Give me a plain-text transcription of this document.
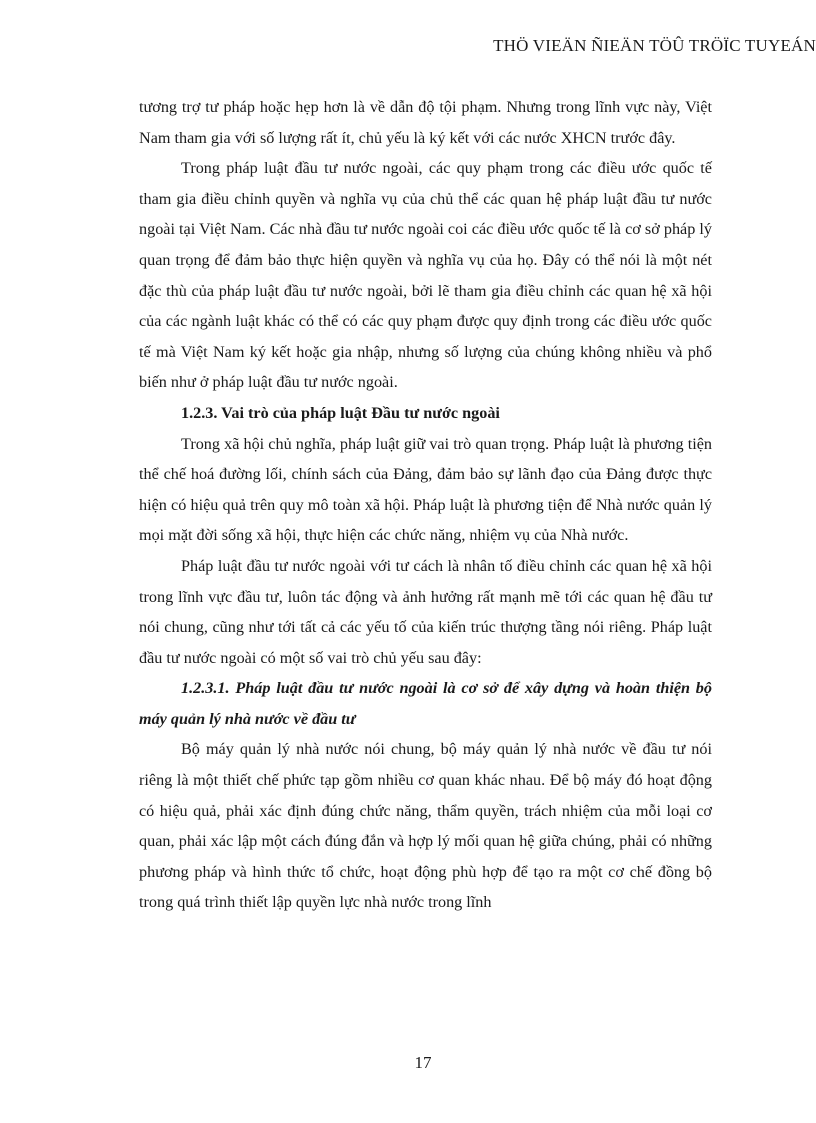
THÖ VIEÄN ÑIEÄN TÖÛ TRÖÏC TUYEÁN

tương trợ tư pháp hoặc hẹp hơn là về dẫn độ tội phạm. Nhưng trong lĩnh vực này, Việt Nam tham gia với số lượng rất ít, chủ yếu là ký kết với các nước XHCN trước đây.

Trong pháp luật đầu tư nước ngoài, các quy phạm trong các điều ước quốc tế tham gia điều chỉnh quyền và nghĩa vụ của chủ thể các quan hệ pháp luật đầu tư nước ngoài tại Việt Nam. Các nhà đầu tư nước ngoài coi các điều ước quốc tế là cơ sở pháp lý quan trọng để đảm bảo thực hiện quyền và nghĩa vụ của họ. Đây có thể nói là một nét đặc thù của pháp luật đầu tư nước ngoài, bởi lẽ tham gia điều chỉnh các quan hệ xã hội của các ngành luật khác có thể có các quy phạm được quy định trong các điều ước quốc tế mà Việt Nam ký kết hoặc gia nhập, nhưng số lượng của chúng không nhiều và phổ biến như ở pháp luật đầu tư nước ngoài.

1.2.3. Vai trò của pháp luật Đầu tư nước ngoài

Trong xã hội chủ nghĩa, pháp luật giữ vai trò quan trọng. Pháp luật là phương tiện thể chế hoá đường lối, chính sách của Đảng, đảm bảo sự lãnh đạo của Đảng được thực hiện có hiệu quả trên quy mô toàn xã hội. Pháp luật là phương tiện để Nhà nước quản lý mọi mặt đời sống xã hội, thực hiện các chức năng, nhiệm vụ của Nhà nước.

Pháp luật đầu tư nước ngoài với tư cách là nhân tố điều chỉnh các quan hệ xã hội trong lĩnh vực đầu tư, luôn tác động và ảnh hưởng rất mạnh mẽ tới các quan hệ đầu tư nói chung, cũng như tới tất cả các yếu tố của kiến trúc thượng tầng nói riêng. Pháp luật đầu tư nước ngoài có một số vai trò chủ yếu sau đây:

1.2.3.1. Pháp luật đầu tư nước ngoài là cơ sở để xây dựng và hoàn thiện bộ máy quản lý nhà nước về đầu tư

Bộ máy quản lý nhà nước nói chung, bộ máy quản lý nhà nước về đầu tư nói riêng là một thiết chế phức tạp gồm nhiều cơ quan khác nhau. Để bộ máy đó hoạt động có hiệu quả, phải xác định đúng chức năng, thẩm quyền, trách nhiệm của mỗi loại cơ quan, phải xác lập một cách đúng đắn và hợp lý mối quan hệ giữa chúng, phải có những phương pháp và hình thức tổ chức, hoạt động phù hợp để tạo ra một cơ chế đồng bộ trong quá trình thiết lập quyền lực nhà nước trong lĩnh

17
